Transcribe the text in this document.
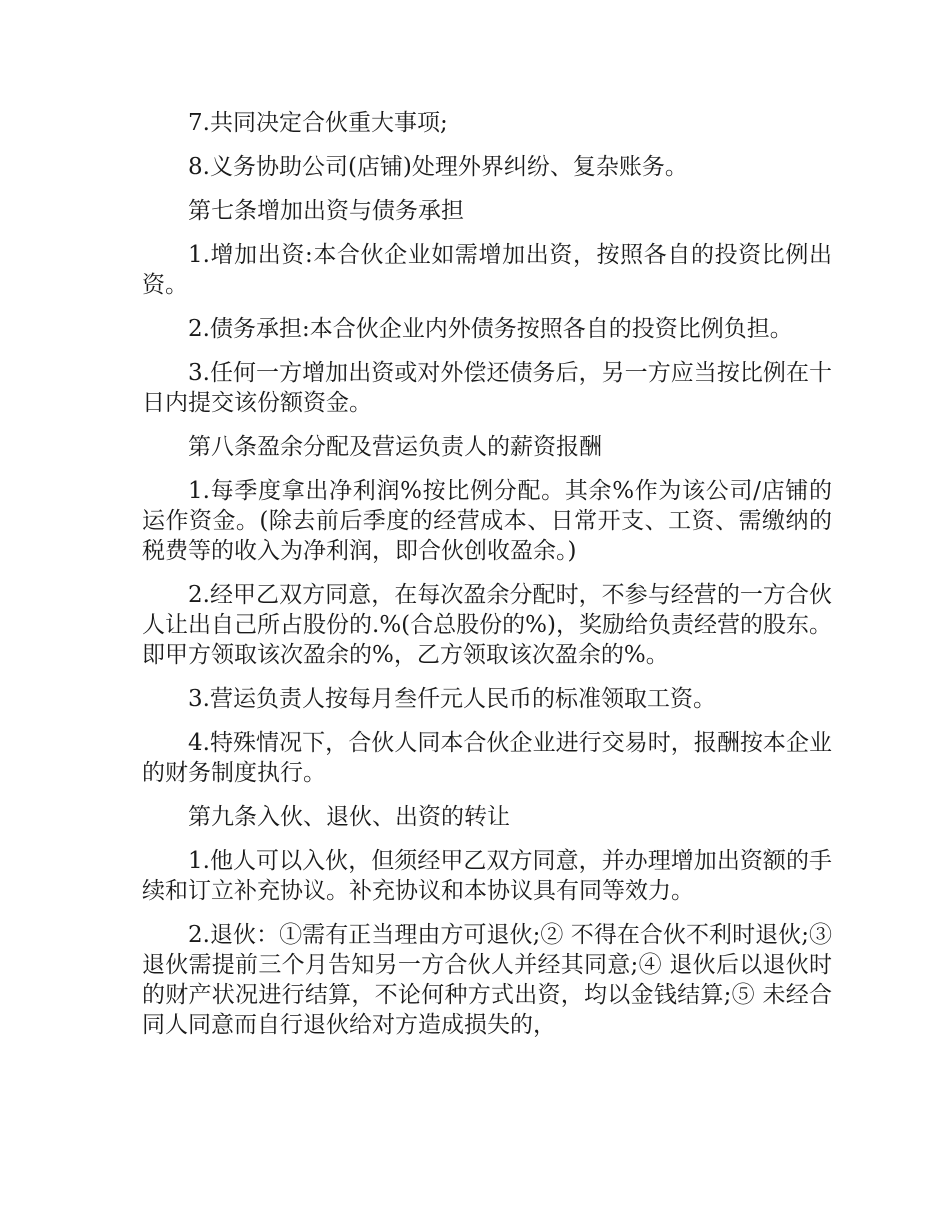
7.共同决定合伙重大事项;

8.义务协助公司(店铺)处理外界纠纷、复杂账务。

第七条增加出资与债务承担

1.增加出资:本合伙企业如需增加出资，按照各自的投资比例出资。

2.债务承担:本合伙企业内外债务按照各自的投资比例负担。

3.任何一方增加出资或对外偿还债务后，另一方应当按比例在十日内提交该份额资金。

第八条盈余分配及营运负责人的薪资报酬

1.每季度拿出净利润%按比例分配。其余%作为该公司/店铺的运作资金。(除去前后季度的经营成本、日常开支、工资、需缴纳的税费等的收入为净利润，即合伙创收盈余。)

2.经甲乙双方同意，在每次盈余分配时，不参与经营的一方合伙人让出自己所占股份的.%(合总股份的%)，奖励给负责经营的股东。即甲方领取该次盈余的%，乙方领取该次盈余的%。

3.营运负责人按每月叁仟元人民币的标准领取工资。

4.特殊情况下，合伙人同本合伙企业进行交易时，报酬按本企业的财务制度执行。

第九条入伙、退伙、出资的转让

1.他人可以入伙，但须经甲乙双方同意，并办理增加出资额的手续和订立补充协议。补充协议和本协议具有同等效力。

2.退伙：①需有正当理由方可退伙;② 不得在合伙不利时退伙;③ 退伙需提前三个月告知另一方合伙人并经其同意;④ 退伙后以退伙时的财产状况进行结算，不论何种方式出资，均以金钱结算;⑤ 未经合同人同意而自行退伙给对方造成损失的，
